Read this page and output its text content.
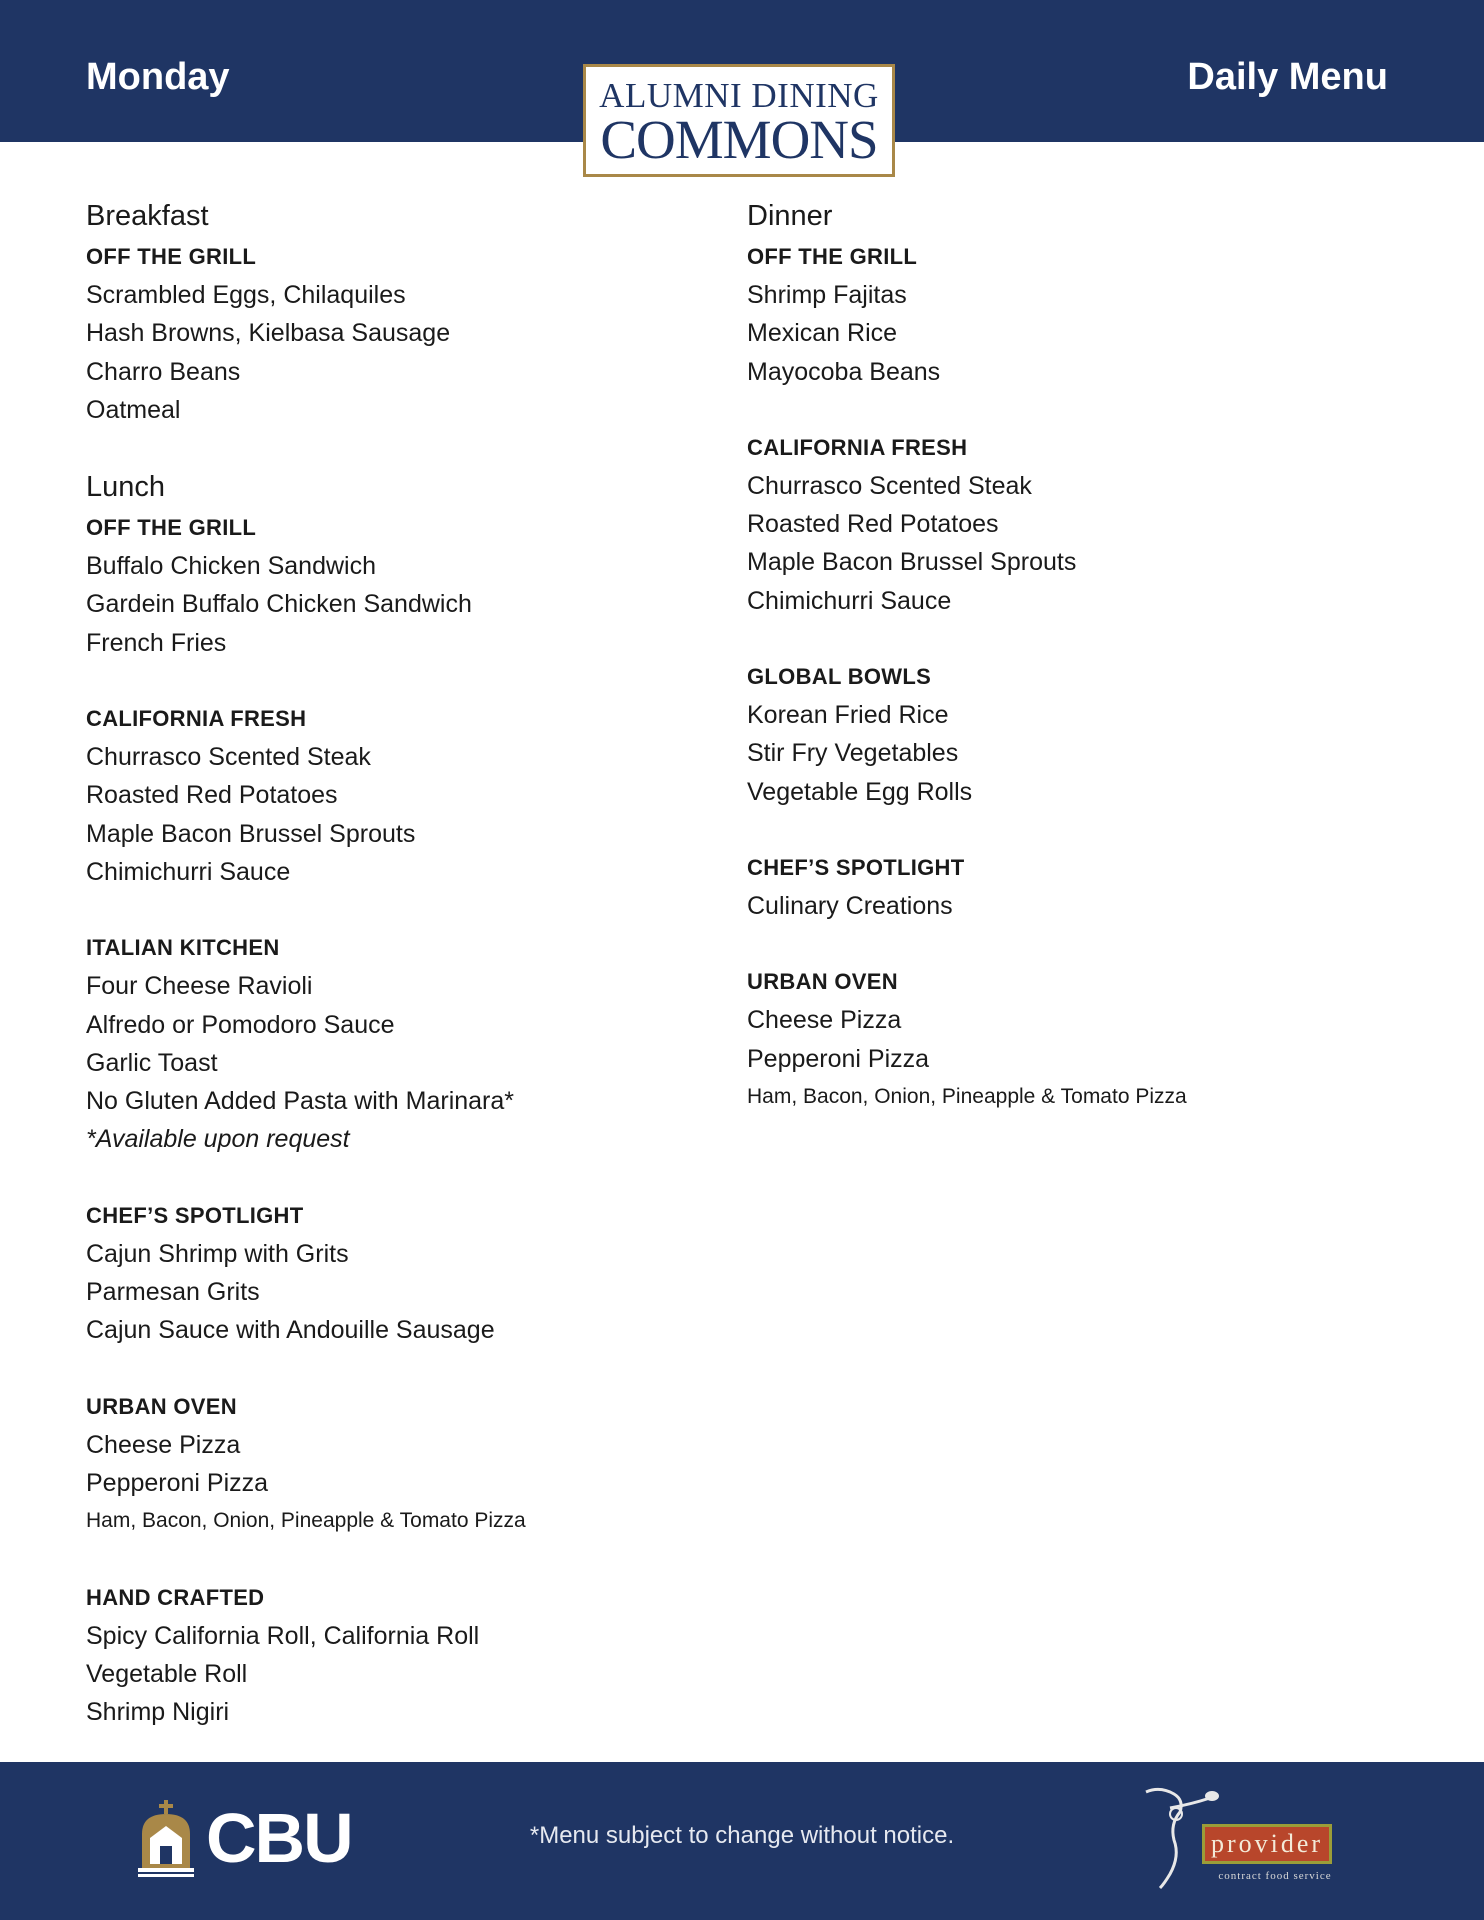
Monday	Daily Menu
ALUMNI DINING
COMMONS
Breakfast
OFF THE GRILL
Scrambled Eggs, Chilaquiles
Hash Browns, Kielbasa Sausage
Charro Beans
Oatmeal
Lunch
OFF THE GRILL
Buffalo Chicken Sandwich
Gardein Buffalo Chicken Sandwich
French Fries
CALIFORNIA FRESH
Churrasco Scented Steak
Roasted Red Potatoes
Maple Bacon Brussel Sprouts
Chimichurri Sauce
ITALIAN KITCHEN
Four Cheese Ravioli
Alfredo or Pomodoro Sauce
Garlic Toast
No Gluten Added Pasta with Marinara*
*Available upon request
CHEF’S SPOTLIGHT
Cajun Shrimp with Grits
Parmesan Grits
Cajun Sauce with Andouille Sausage
URBAN OVEN
Cheese Pizza
Pepperoni Pizza
Ham, Bacon, Onion, Pineapple & Tomato Pizza
HAND CRAFTED
Spicy California Roll, California Roll
Vegetable Roll
Shrimp Nigiri
Dinner
OFF THE GRILL
Shrimp Fajitas
Mexican Rice
Mayocoba Beans
CALIFORNIA FRESH
Churrasco Scented Steak
Roasted Red Potatoes
Maple Bacon Brussel Sprouts
Chimichurri Sauce
GLOBAL BOWLS
Korean Fried Rice
Stir Fry Vegetables
Vegetable Egg Rolls
CHEF’S SPOTLIGHT
Culinary Creations
URBAN OVEN
Cheese Pizza
Pepperoni Pizza
Ham, Bacon, Onion, Pineapple & Tomato Pizza
CBU	*Menu subject to change without notice.	provider
contract food service
